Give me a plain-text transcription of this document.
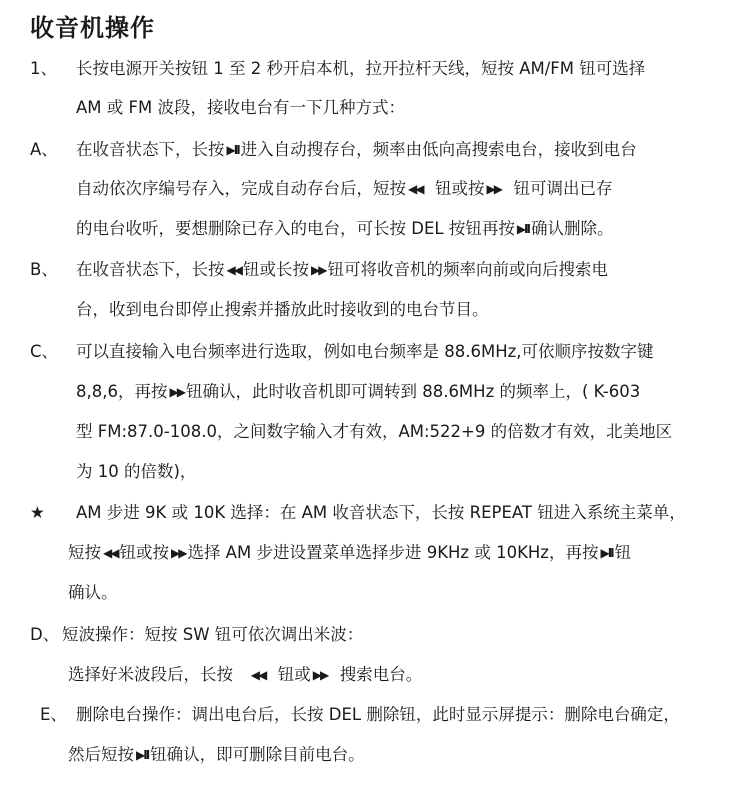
收音机操作
1、 长按电源开关按钮 1 至 2 秒开启本机，拉开拉杆天线，短按 AM/FM 钮可选择
AM 或 FM 波段，接收电台有一下几种方式：
A、 在收音状态下，长按 ▶II 进入自动搜存台，频率由低向高搜索电台，接收到电台
自动依次序编号存入，完成自动存台后，短按 ◀◀ 钮或按 ▶▶ 钮可调出已存
的电台收听，要想删除已存入的电台，可长按 DEL 按钮再按 ▶II 确认删除。
B、 在收音状态下，长按 ◀◀ 钮或长按 ▶▶ 钮可将收音机的频率向前或向后搜索电
台，收到电台即停止搜索并播放此时接收到的电台节目。
C、 可以直接输入电台频率进行选取，例如电台频率是 88.6MHz,可依顺序按数字键
8,8,6，再按 ▶▶ 钮确认，此时收音机即可调转到 88.6MHz 的频率上，( K-603
型 FM:87.0-108.0，之间数字输入才有效，AM:522+9 的倍数才有效，北美地区
为 10 的倍数)，
★ AM 步进 9K 或 10K 选择：在 AM 收音状态下，长按 REPEAT 钮进入系统主菜单，
短按 ◀◀ 钮或按 ▶▶ 选择 AM 步进设置菜单选择步进 9KHz 或 10KHz，再按 ▶II 钮
确认。
D、 短波操作：短按 SW 钮可依次调出米波：
选择好米波段后，长按 ◀◀ 钮或 ▶▶ 搜索电台。
E、 删除电台操作：调出电台后，长按 DEL 删除钮，此时显示屏提示：删除电台确定，
然后短按 ▶II 钮确认，即可删除目前电台。
